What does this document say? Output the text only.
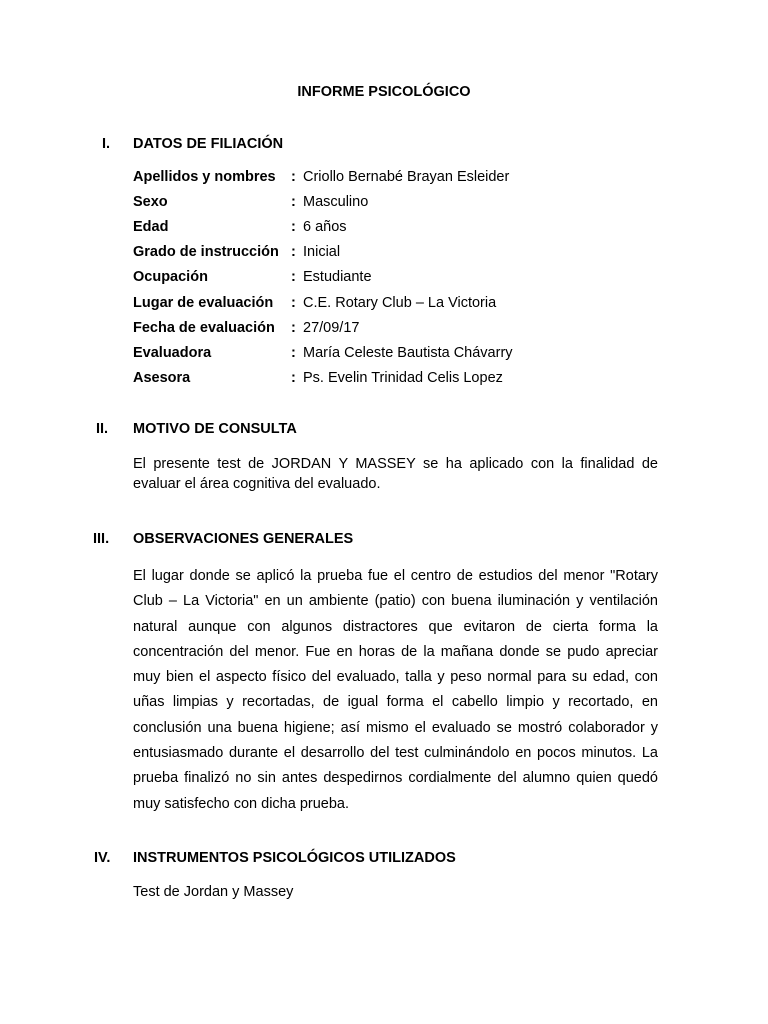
INFORME PSICOLÓGICO
I.	DATOS DE FILIACIÓN
Apellidos y nombres : Criollo Bernabé Brayan Esleider
Sexo	: Masculino
Edad	: 6 años
Grado de instrucción : Inicial
Ocupación	: Estudiante
Lugar de evaluación : C.E. Rotary Club – La Victoria
Fecha de evaluación : 27/09/17
Evaluadora	: María Celeste Bautista Chávarry
Asesora	: Ps. Evelin Trinidad Celis Lopez
II.	MOTIVO DE CONSULTA
El presente test de JORDAN Y MASSEY se ha aplicado con la finalidad de evaluar el área cognitiva del evaluado.
III.	OBSERVACIONES GENERALES
El lugar donde se aplicó la prueba fue el centro de estudios del menor "Rotary Club – La Victoria" en un ambiente (patio) con buena iluminación y ventilación natural aunque con algunos distractores que evitaron de cierta forma la concentración del menor. Fue en horas de la mañana donde se pudo apreciar muy bien el aspecto físico del evaluado, talla y peso normal para su edad, con uñas limpias y recortadas, de igual forma el cabello limpio y recortado, en conclusión una buena higiene; así mismo el evaluado se mostró colaborador y entusiasmado durante el desarrollo del test culminándolo en pocos minutos. La prueba finalizó no sin antes despedirnos cordialmente del alumno quien quedó muy satisfecho con dicha prueba.
IV.	INSTRUMENTOS PSICOLÓGICOS UTILIZADOS
Test de Jordan y Massey
